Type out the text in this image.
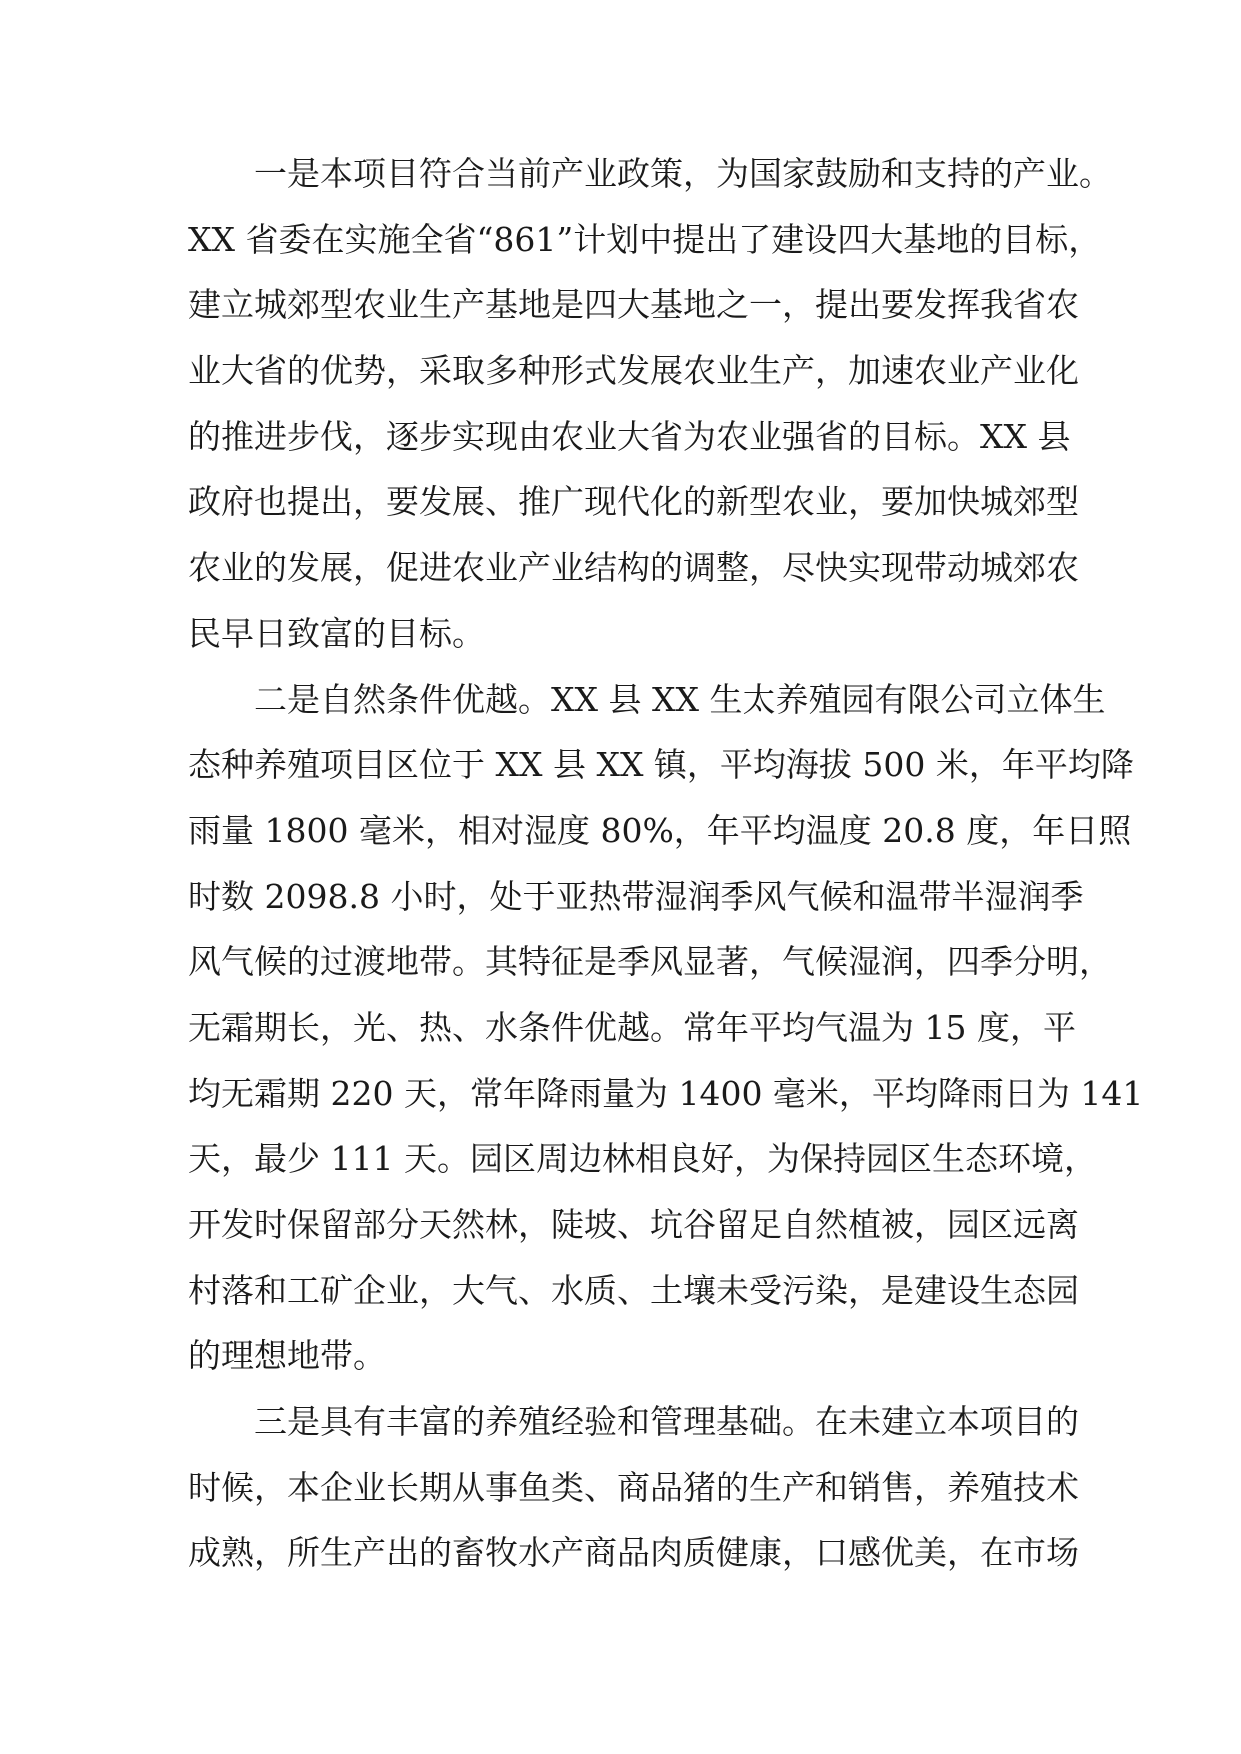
一是本项目符合当前产业政策，为国家鼓励和支持的产业。
XX 省委在实施全省“861”计划中提出了建设四大基地的目标，
建立城郊型农业生产基地是四大基地之一，提出要发挥我省农
业大省的优势，采取多种形式发展农业生产，加速农业产业化
的推进步伐，逐步实现由农业大省为农业强省的目标。XX 县
政府也提出，要发展、推广现代化的新型农业，要加快城郊型
农业的发展，促进农业产业结构的调整，尽快实现带动城郊农
民早日致富的目标。
二是自然条件优越。XX 县 XX 生太养殖园有限公司立体生
态种养殖项目区位于 XX 县 XX 镇，平均海拔 500 米，年平均降
雨量 1800 毫米，相对湿度 80%，年平均温度 20.8 度，年日照
时数 2098.8 小时，处于亚热带湿润季风气候和温带半湿润季
风气候的过渡地带。其特征是季风显著，气候湿润，四季分明，
无霜期长，光、热、水条件优越。常年平均气温为 15 度，平
均无霜期 220 天，常年降雨量为 1400 毫米，平均降雨日为 141
天，最少 111 天。园区周边林相良好，为保持园区生态环境，
开发时保留部分天然林，陡坡、坑谷留足自然植被，园区远离
村落和工矿企业，大气、水质、土壤未受污染，是建设生态园
的理想地带。
三是具有丰富的养殖经验和管理基础。在未建立本项目的
时候，本企业长期从事鱼类、商品猪的生产和销售，养殖技术
成熟，所生产出的畜牧水产商品肉质健康，口感优美，在市场
